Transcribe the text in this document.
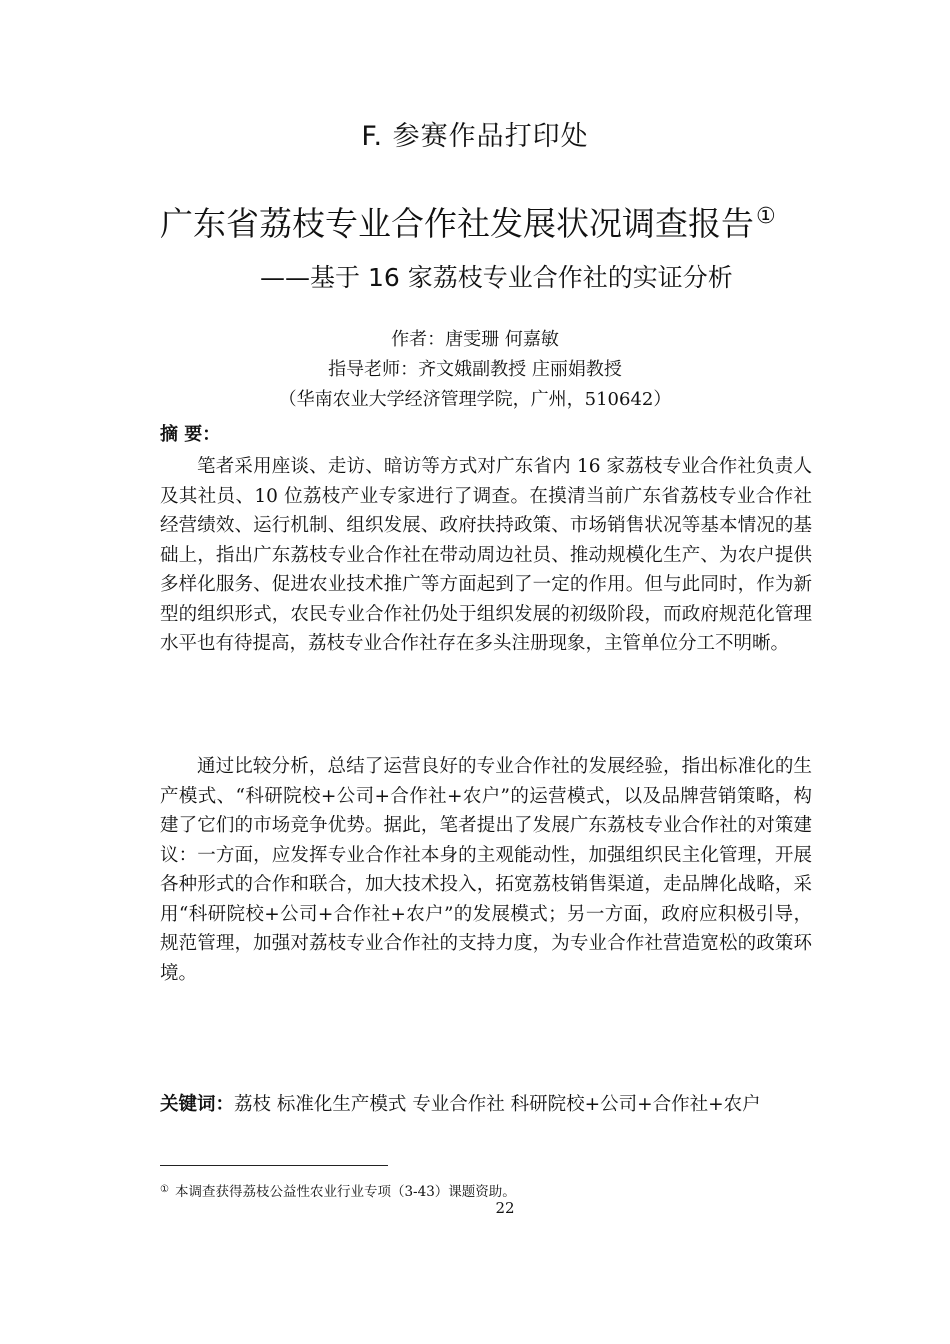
F. 参赛作品打印处
广东省荔枝专业合作社发展状况调查报告①
——基于 16 家荔枝专业合作社的实证分析
作者：唐雯珊 何嘉敏
指导老师：齐文娥副教授 庄丽娟教授
（华南农业大学经济管理学院，广州，510642）
摘 要：

笔者采用座谈、走访、暗访等方式对广东省内 16 家荔枝专业合作社负责人及其社员、10 位荔枝产业专家进行了调查。在摸清当前广东省荔枝专业合作社经营绩效、运行机制、组织发展、政府扶持政策、市场销售状况等基本情况的基础上，指出广东荔枝专业合作社在带动周边社员、推动规模化生产、为农户提供多样化服务、促进农业技术推广等方面起到了一定的作用。但与此同时，作为新型的组织形式，农民专业合作社仍处于组织发展的初级阶段，而政府规范化管理水平也有待提高，荔枝专业合作社存在多头注册现象，主管单位分工不明晰。

通过比较分析，总结了运营良好的专业合作社的发展经验，指出标准化的生产模式、“科研院校+公司+合作社+农户”的运营模式，以及品牌营销策略，构建了它们的市场竞争优势。据此，笔者提出了发展广东荔枝专业合作社的对策建议：一方面，应发挥专业合作社本身的主观能动性，加强组织民主化管理，开展各种形式的合作和联合，加大技术投入，拓宽荔枝销售渠道，走品牌化战略，采用“科研院校+公司+合作社+农户”的发展模式；另一方面，政府应积极引导，规范管理，加强对荔枝专业合作社的支持力度，为专业合作社营造宽松的政策环境。

关键词：荔枝 标准化生产模式 专业合作社 科研院校+公司+合作社+农户
① 本调查获得荔枝公益性农业行业专项（3-43）课题资助。
22
